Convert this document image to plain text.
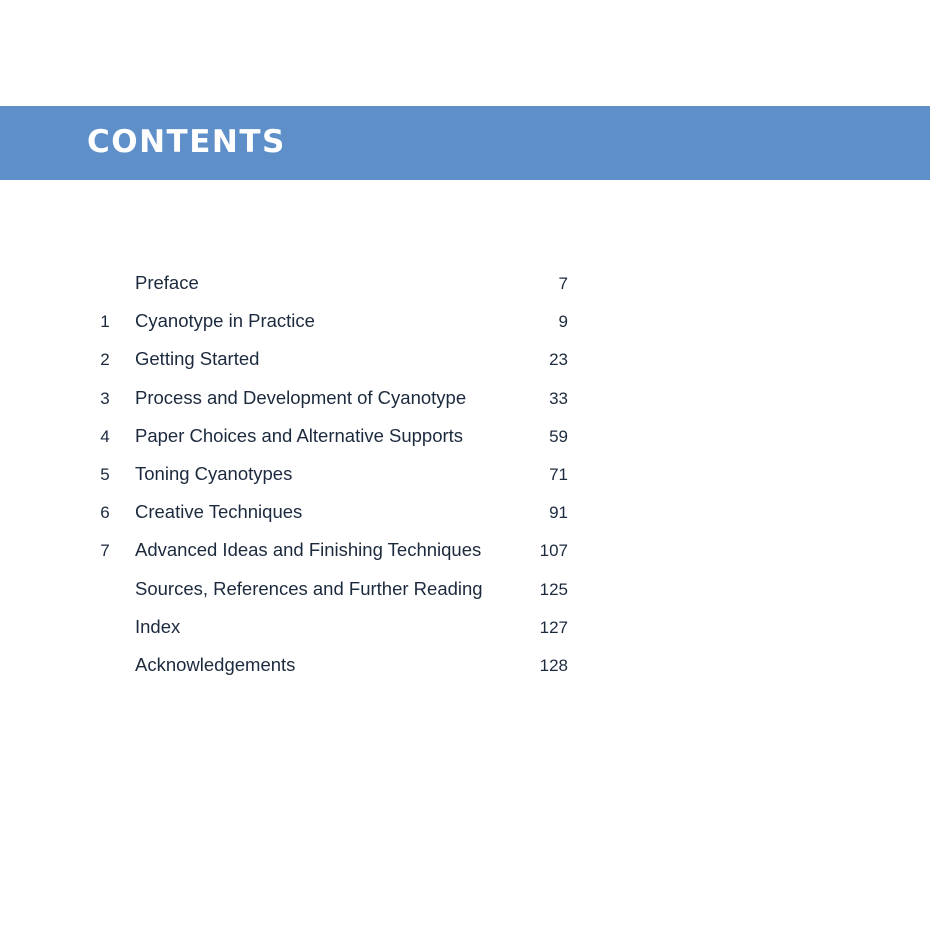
CONTENTS
Preface	7
1 Cyanotype in Practice	9
2 Getting Started	23
3 Process and Development of Cyanotype	33
4 Paper Choices and Alternative Supports	59
5 Toning Cyanotypes	71
6 Creative Techniques	91
7 Advanced Ideas and Finishing Techniques	107
Sources, References and Further Reading	125
Index	127
Acknowledgements	128
